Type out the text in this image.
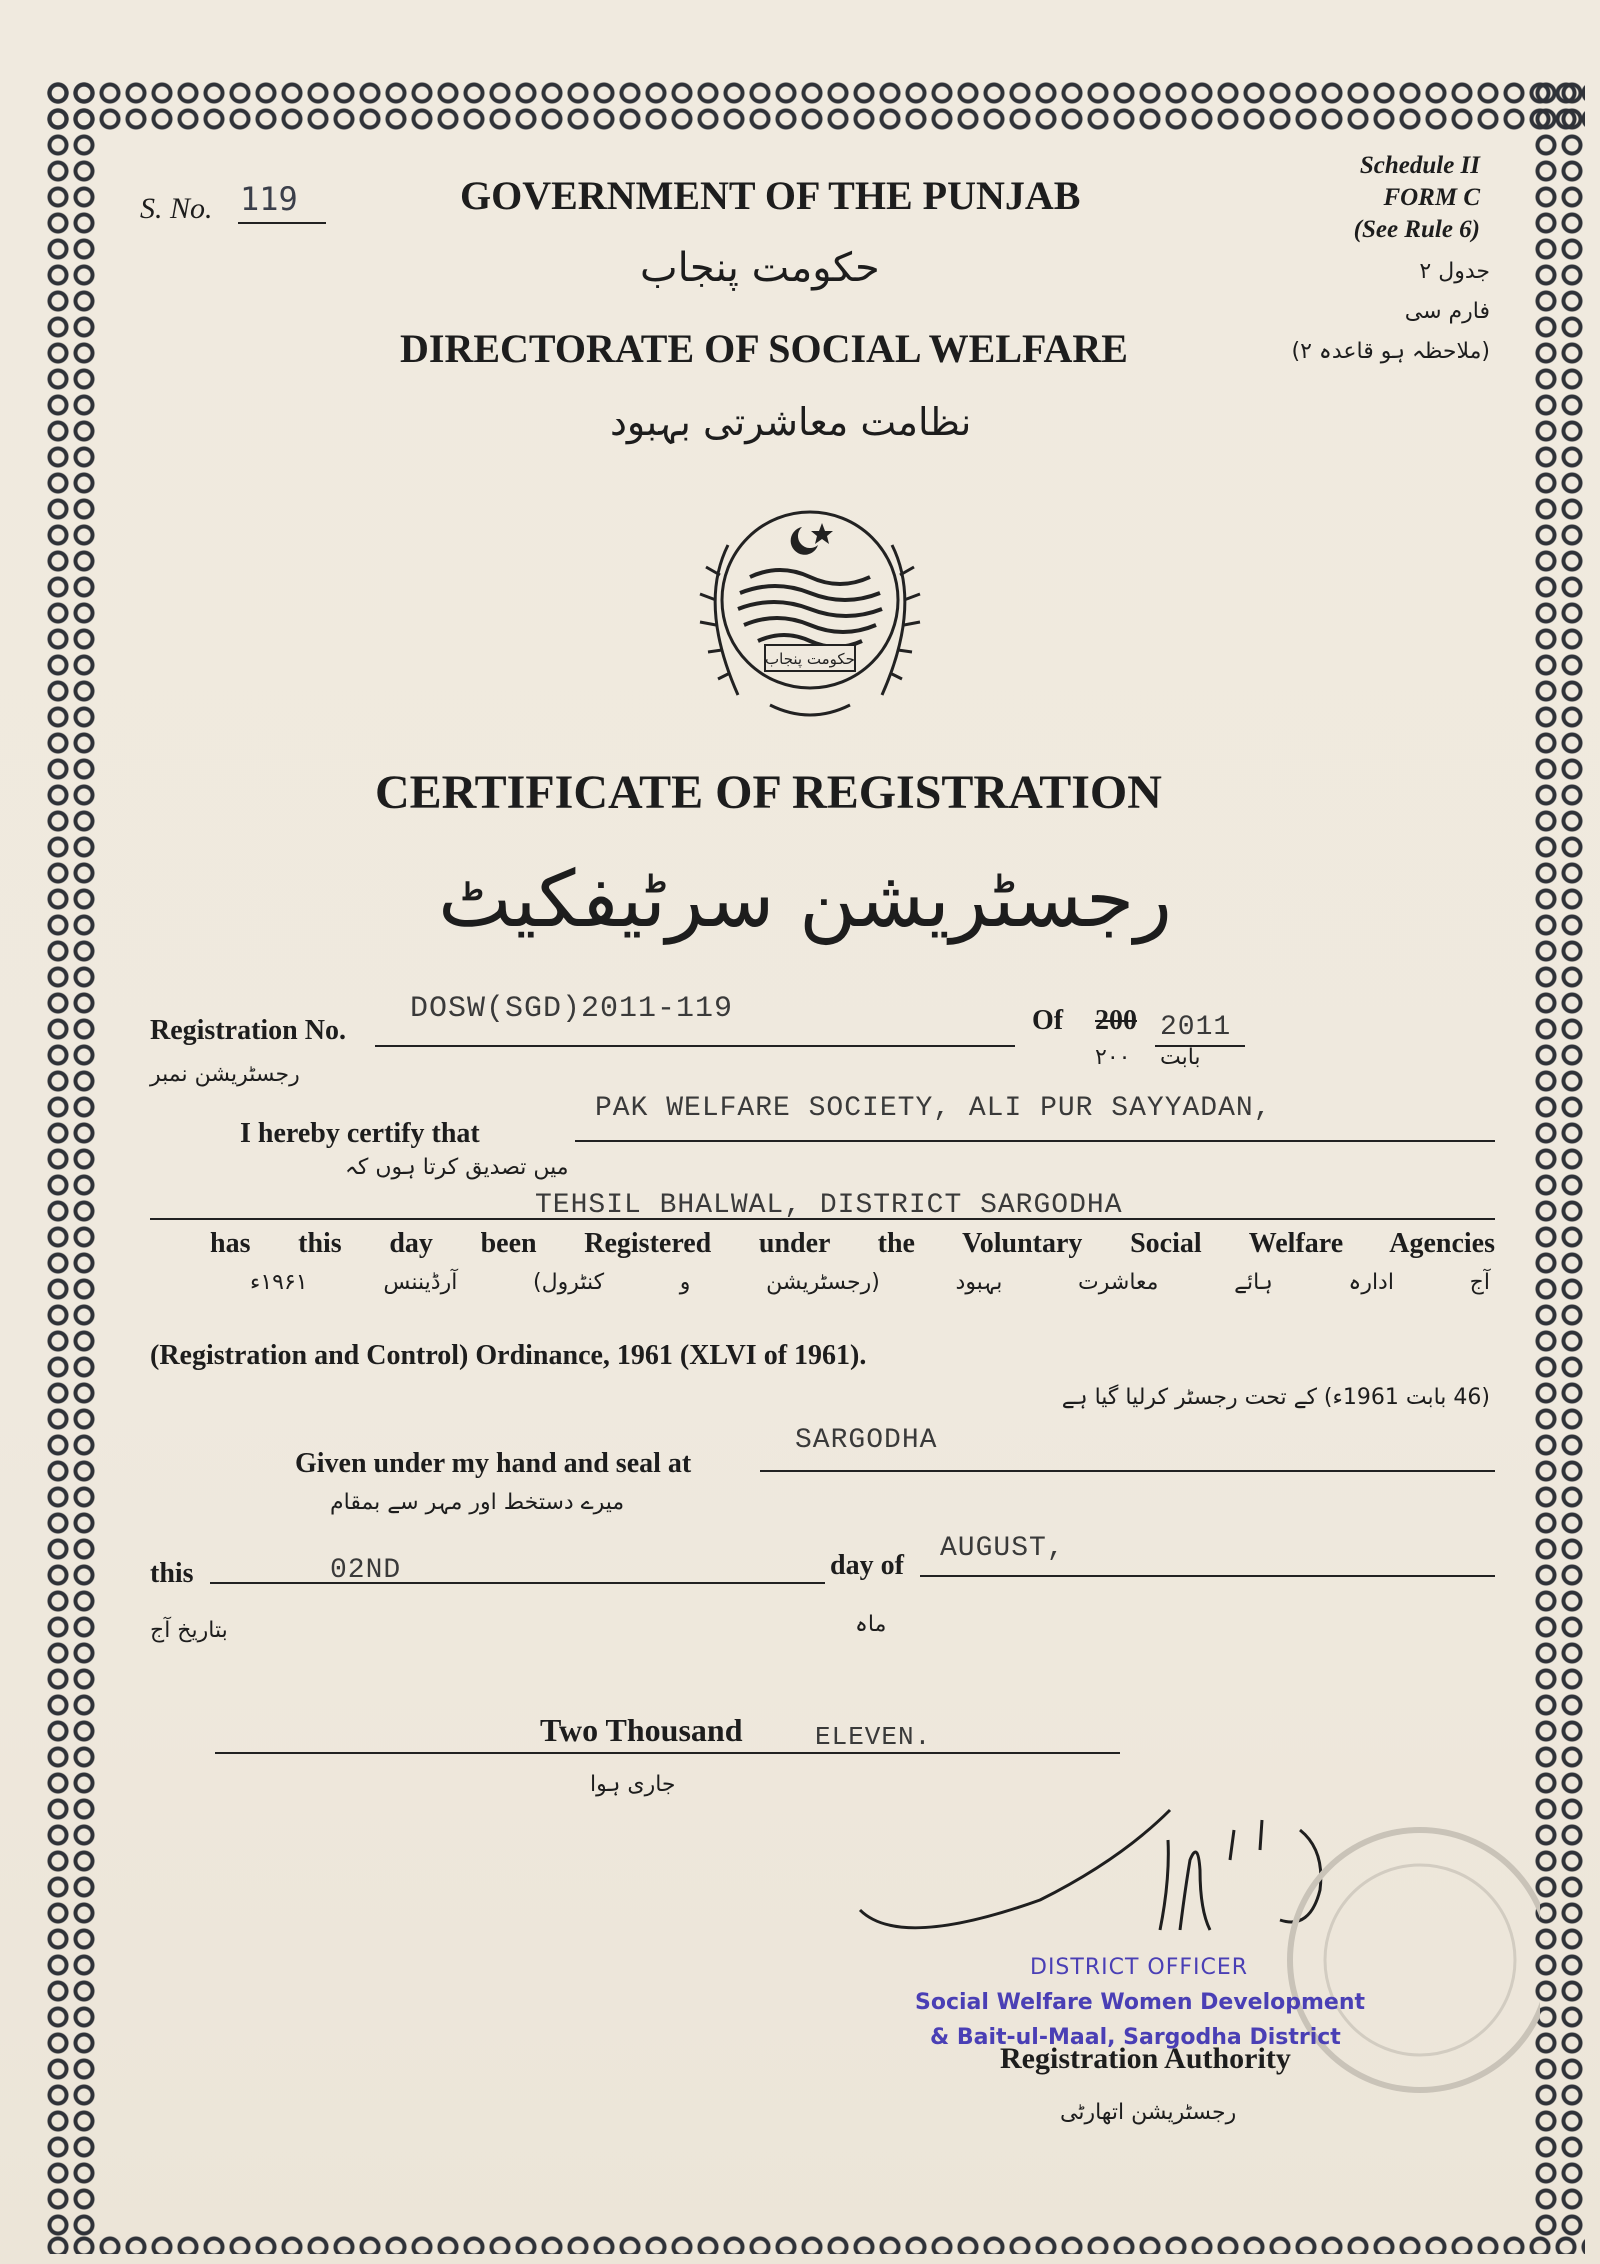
S. No. 119	GOVERNMENT OF THE PUNJAB
حکومت پنجاب
DIRECTORATE OF SOCIAL WELFARE
نظامت معاشرتی بہبود
Schedule II
FORM C
(See Rule 6)
جدول ۲
فارم سی
(ملاحظہ ہو قاعدہ ۲)
حکومت پنجاب
CERTIFICATE OF REGISTRATION
رجسٹریشن سرٹیفکیٹ
Registration No.
DOSW(SGD)2011-119	Of 200 2011
بابت
۲۰۰
رجسٹریشن نمبر
I hereby certify that
PAK WELFARE SOCIETY, ALI PUR SAYYADAN,
میں تصدیق کرتا ہوں کہ
TEHSIL BHALWAL, DISTRICT SARGODHA
has this day been Registered under the Voluntary Social Welfare Agencies
آج ادارہ ہائے معاشرت بہبود (رجسٹریشن و کنٹرول) آرڈیننس ۱۹۶۱ء
(Registration and Control) Ordinance, 1961 (XLVI of 1961).
(46 بابت 1961ء) کے تحت رجسٹر کرلیا گیا ہے
Given under my hand and seal at
SARGODHA
میرے دستخط اور مہر سے بمقام
this	02ND	day of
AUGUST,
بتاریخ آج	ماہ
Two Thousand	ELEVEN.
جاری ہوا
DISTRICT OFFICER
Social Welfare Women Development
& Bait-ul-Maal, Sargodha District
Registration Authority
رجسٹریشن اتھارٹی
